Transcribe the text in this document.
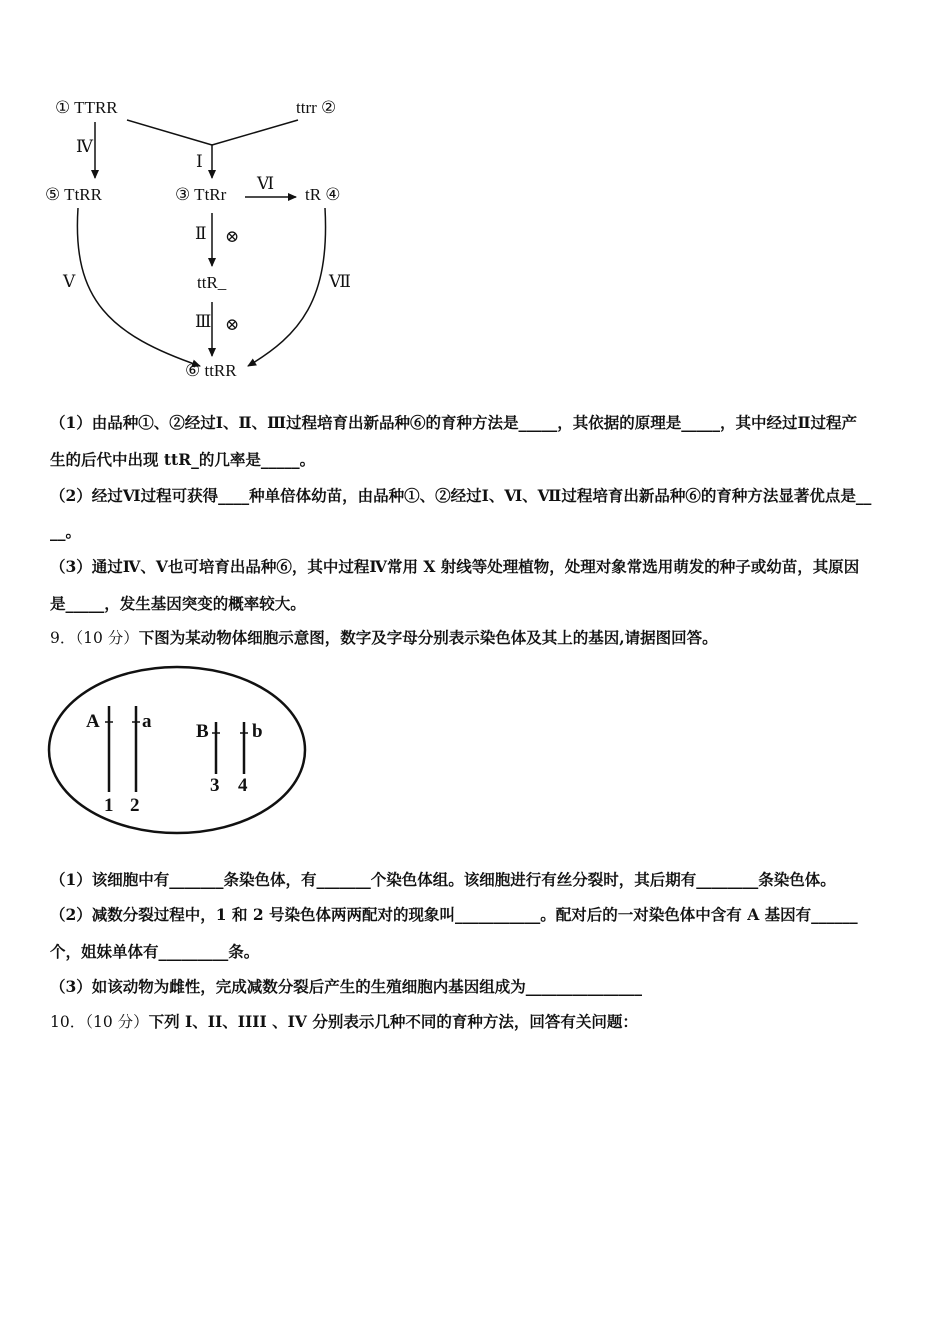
① TTRR	ttrr ②
⑤ TtRR	③ TtRr	tR ④
ttR_
⑥ ttRR
Ⅰ
Ⅳ
Ⅵ
Ⅱ ⊗
Ⅲ ⊗
Ⅴ	Ⅶ
（1）由品种①、②经过Ⅰ、Ⅱ、Ⅲ过程培育出新品种⑥的育种方法是_____，其依据的原理是_____，其中经过Ⅱ过程产
生的后代中出现 ttR_的几率是_____。
（2）经过Ⅵ过程可获得____种单倍体幼苗，由品种①、②经过Ⅰ、Ⅵ、Ⅶ过程培育出新品种⑥的育种方法显著优点是__
__。
（3）通过Ⅳ、Ⅴ也可培育出品种⑥，其中过程Ⅳ常用 X 射线等处理植物，处理对象常选用萌发的种子或幼苗，其原因
是_____，发生基因突变的概率较大。
9．（10 分）下图为某动物体细胞示意图，数字及字母分别表示染色体及其上的基因,请据图回答。
A a B b
1 2
3 4
（1）该细胞中有_______条染色体，有_______个染色体组。该细胞进行有丝分裂时，其后期有________条染色体。
（2）减数分裂过程中，1 和 2 号染色体两两配对的现象叫___________。配对后的一对染色体中含有 A 基因有______
个，姐妹单体有_________条。
（3）如该动物为雌性，完成减数分裂后产生的生殖细胞内基因组成为_______________
10．（10 分）下列 I、II、IIII 、IV 分别表示几种不同的育种方法，回答有关问题：
